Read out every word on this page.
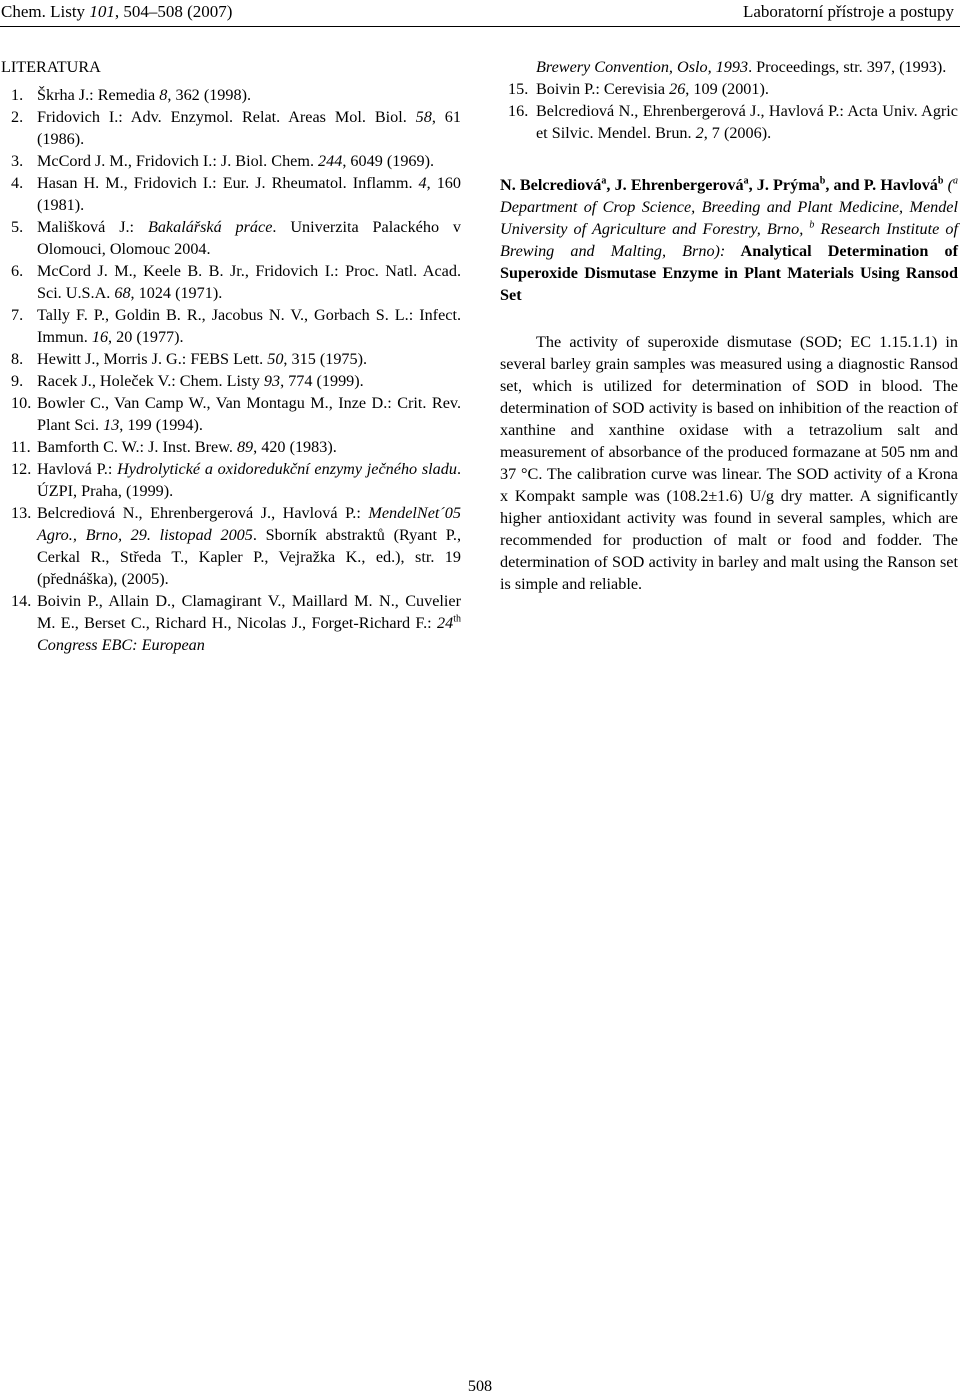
Chem. Listy 101, 504–508 (2007)	Laboratorní přístroje a postupy
LITERATURA
1. Škrha J.: Remedia 8, 362 (1998).
2. Fridovich I.: Adv. Enzymol. Relat. Areas Mol. Biol. 58, 61 (1986).
3. McCord J. M., Fridovich I.: J. Biol. Chem. 244, 6049 (1969).
4. Hasan H. M., Fridovich I.: Eur. J. Rheumatol. Inflamm. 4, 160 (1981).
5. Mališková J.: Bakalářská práce. Univerzita Palackého v Olomouci, Olomouc 2004.
6. McCord J. M., Keele B. B. Jr., Fridovich I.: Proc. Natl. Acad. Sci. U.S.A. 68, 1024 (1971).
7. Tally F. P., Goldin B. R., Jacobus N. V., Gorbach S. L.: Infect. Immun. 16, 20 (1977).
8. Hewitt J., Morris J. G.: FEBS Lett. 50, 315 (1975).
9. Racek J., Holeček V.: Chem. Listy 93, 774 (1999).
10. Bowler C., Van Camp W., Van Montagu M., Inze D.: Crit. Rev. Plant Sci. 13, 199 (1994).
11. Bamforth C. W.: J. Inst. Brew. 89, 420 (1983).
12. Havlová P.: Hydrolytické a oxidoredukční enzymy ječného sladu. ÚZPI, Praha, (1999).
13. Belcrediová N., Ehrenbergerová J., Havlová P.: MendelNet´05 Agro., Brno, 29. listopad 2005. Sborník abstraktů (Ryant P., Cerkal R., Středa T., Kapler P., Vejražka K., ed.), str. 19 (přednáška), (2005).
14. Boivin P., Allain D., Clamagirant V., Maillard M. N., Cuvelier M. E., Berset C., Richard H., Nicolas J., Forget-Richard F.: 24th Congress EBC: European
Brewery Convention, Oslo, 1993. Proceedings, str. 397, (1993).
15. Boivin P.: Cerevisia 26, 109 (2001).
16. Belcrediová N., Ehrenbergerová J., Havlová P.: Acta Univ. Agric et Silvic. Mendel. Brun. 2, 7 (2006).
N. Belcrediová$^a$, J. Ehrenbergerová$^a$, J. Prýma$^b$, and P. Havlová$^b$ ($^a$ Department of Crop Science, Breeding and Plant Medicine, Mendel University of Agriculture and Forestry, Brno, $^b$ Research Institute of Brewing and Malting, Brno): Analytical Determination of Superoxide Dismutase Enzyme in Plant Materials Using Ransod Set
The activity of superoxide dismutase (SOD; EC 1.15.1.1) in several barley grain samples was measured using a diagnostic Ransod set, which is utilized for determination of SOD in blood. The determination of SOD activity is based on inhibition of the reaction of xanthine and xanthine oxidase with a tetrazolium salt and measurement of absorbance of the produced formazane at 505 nm and 37 °C. The calibration curve was linear. The SOD activity of a Krona x Kompakt sample was (108.2±1.6) U/g dry matter. A significantly higher antioxidant activity was found in several samples, which are recommended for production of malt or food and fodder. The determination of SOD activity in barley and malt using the Ranson set is simple and reliable.
508
